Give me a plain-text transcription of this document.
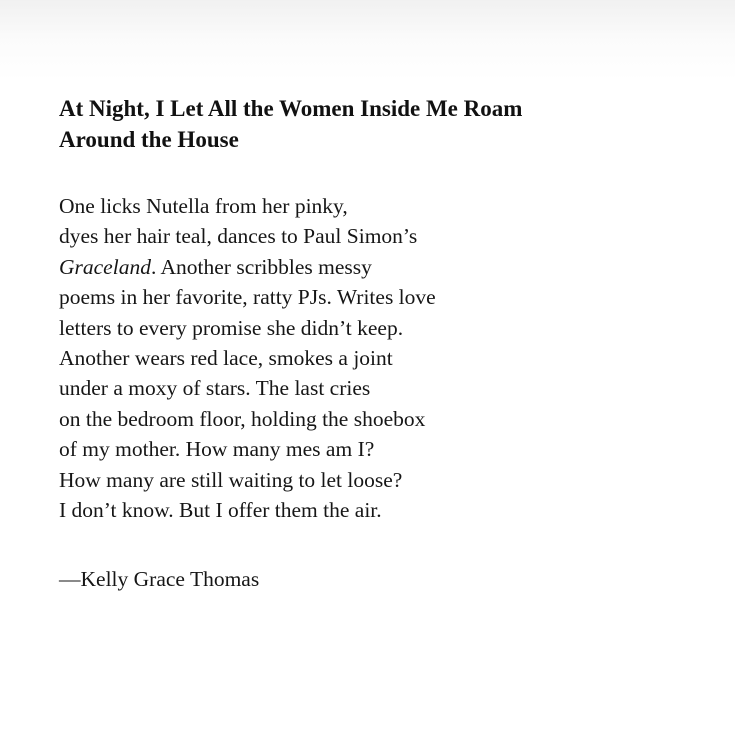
At Night, I Let All the Women Inside Me Roam
Around the House
One licks Nutella from her pinky,
dyes her hair teal, dances to Paul Simon’s
Graceland. Another scribbles messy
poems in her favorite, ratty PJs. Writes love
letters to every promise she didn’t keep.
Another wears red lace, smokes a joint
under a moxy of stars. The last cries
on the bedroom floor, holding the shoebox
of my mother. How many mes am I?
How many are still waiting to let loose?
I don’t know. But I offer them the air.
—Kelly Grace Thomas
